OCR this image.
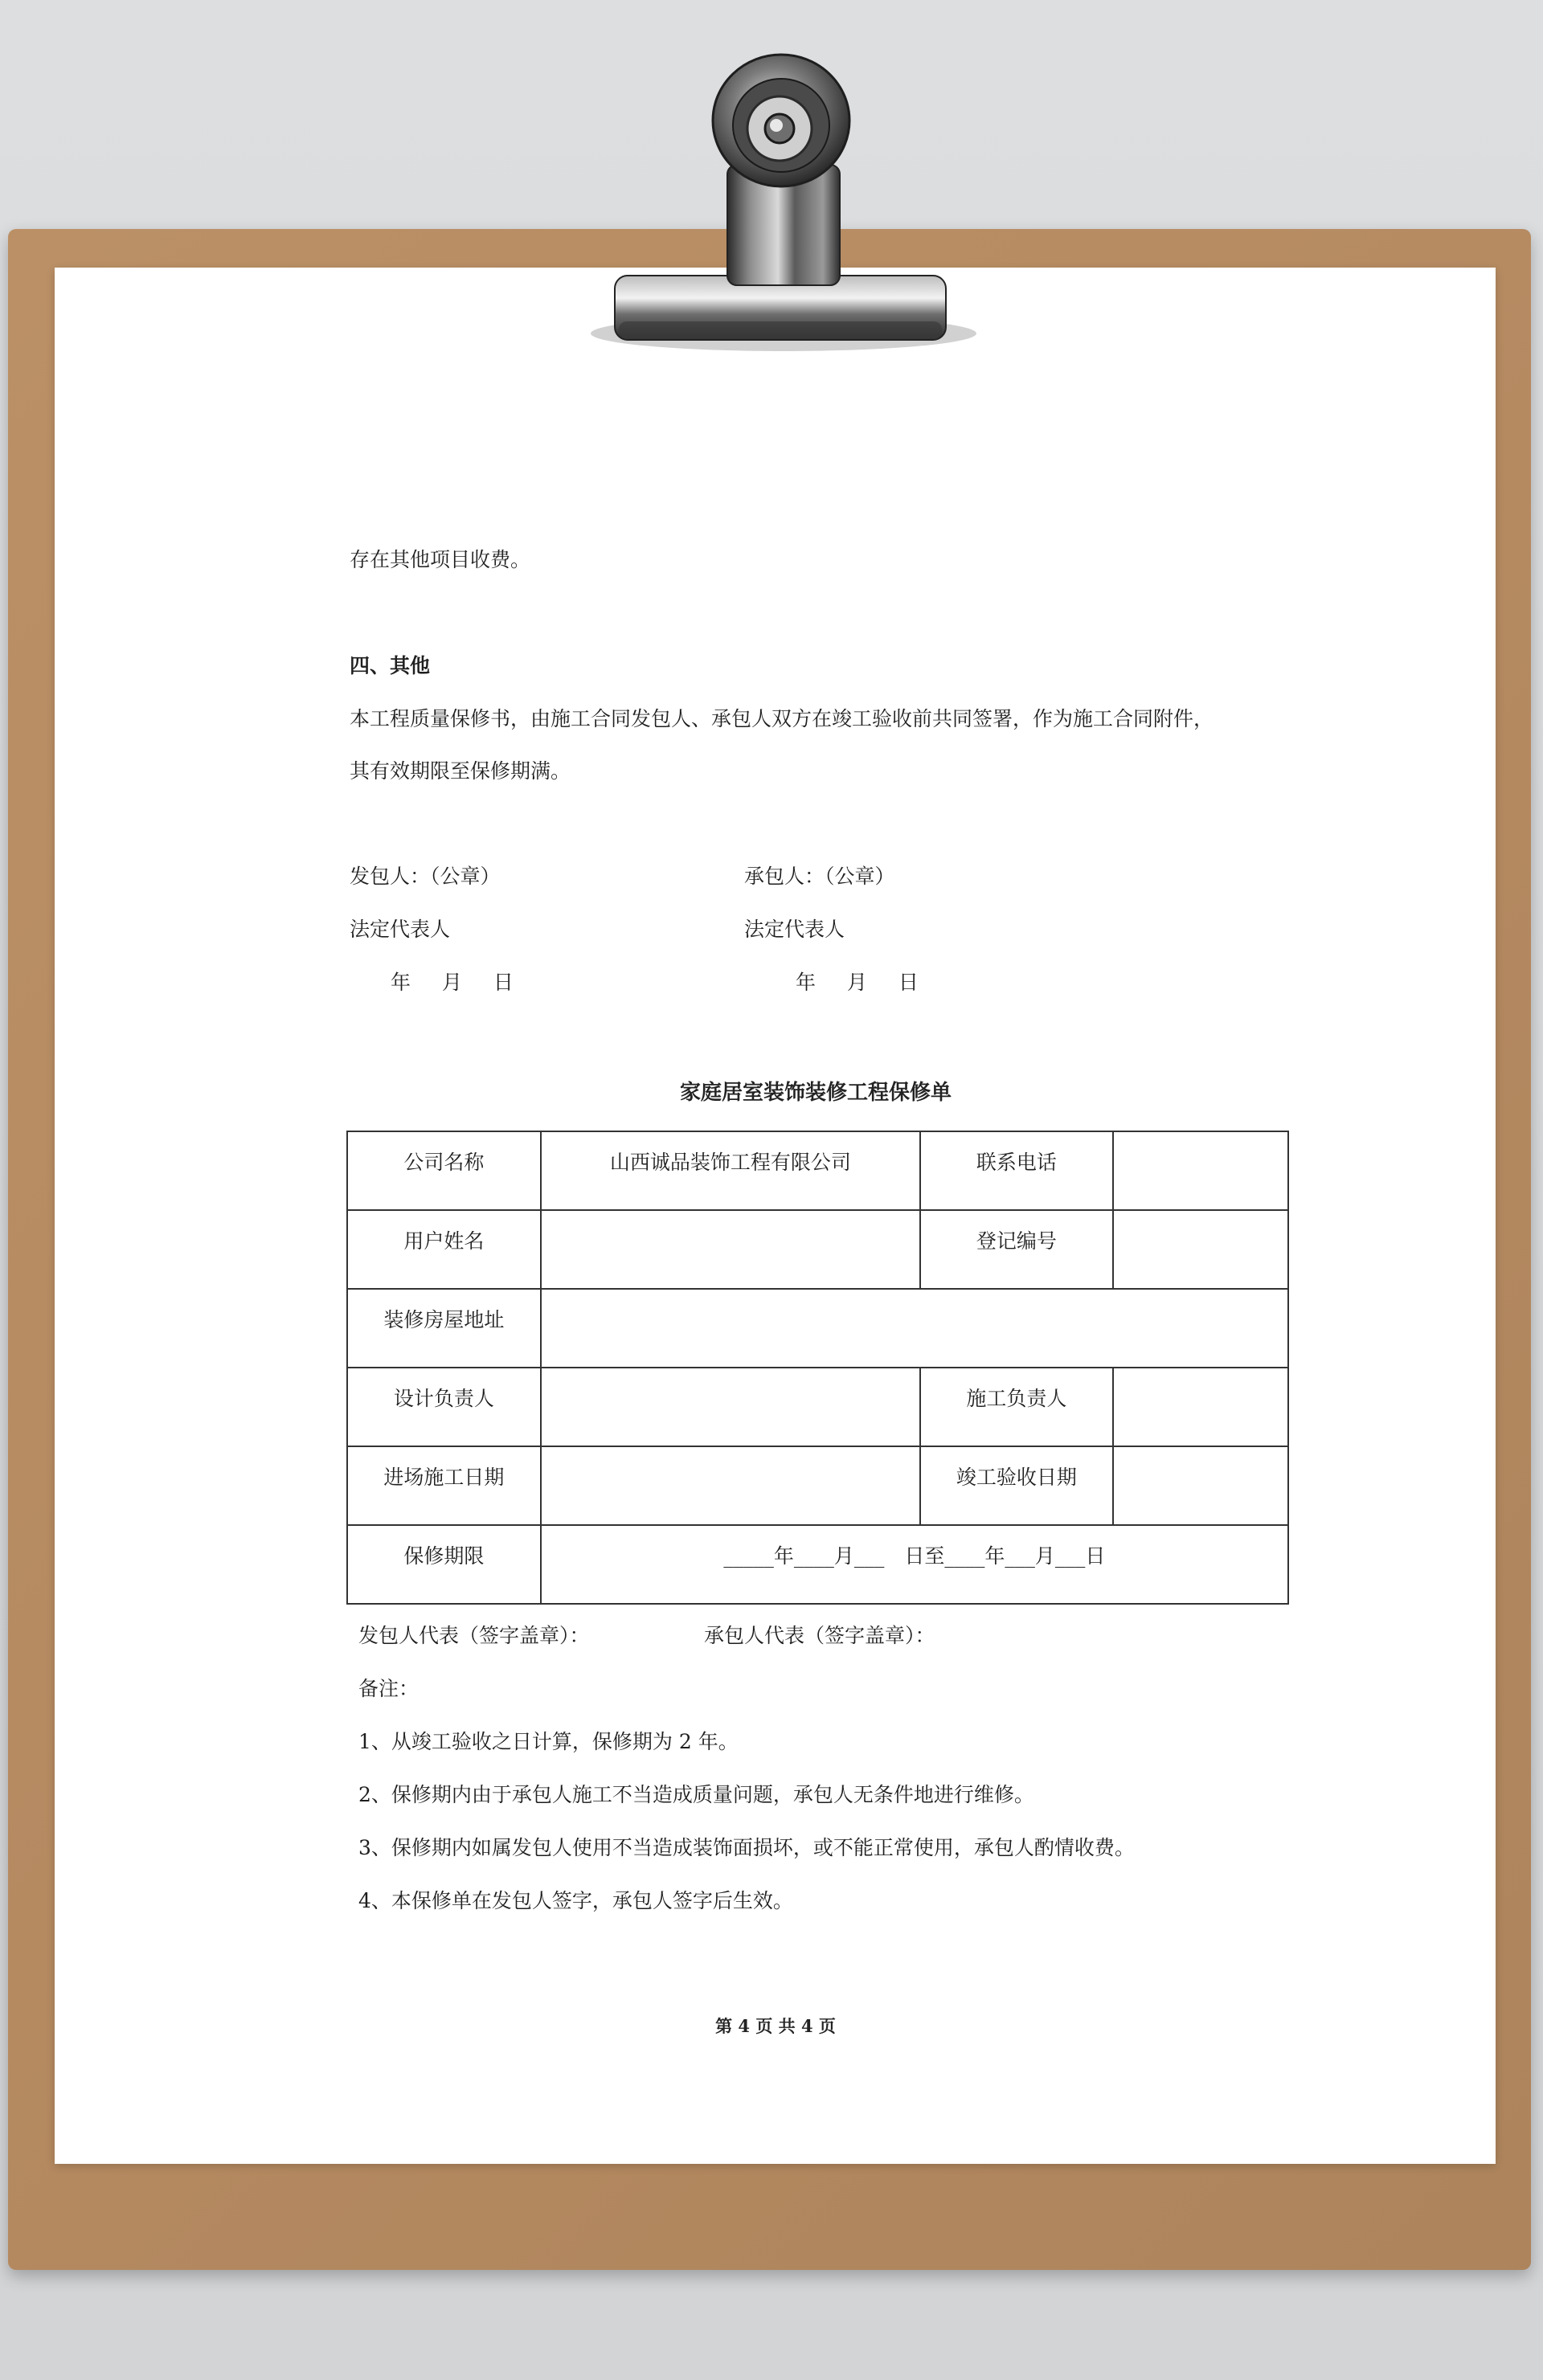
存在其他项目收费。
四、其他
本工程质量保修书，由施工合同发包人、承包人双方在竣工验收前共同签署，作为施工合同附件，
其有效期限至保修期满。
发包人：（公章）	承包人：（公章）
法定代表人	法定代表人
年　 月　 日	年　 月　 日
家庭居室装饰装修工程保修单
公司名称	山西诚品装饰工程有限公司	联系电话	
用户姓名		登记编号	
装修房屋地址			
设计负责人		施工负责人	
进场施工日期		竣工验收日期	
保修期限	_____年____月___　日至____年___月___日		
发包人代表（签字盖章）：	承包人代表（签字盖章）：
备注：
1、从竣工验收之日计算，保修期为 2 年。
2、保修期内由于承包人施工不当造成质量问题，承包人无条件地进行维修。
3、保修期内如属发包人使用不当造成装饰面损坏，或不能正常使用，承包人酌情收费。
4、本保修单在发包人签字，承包人签字后生效。
第 4 页 共 4 页
